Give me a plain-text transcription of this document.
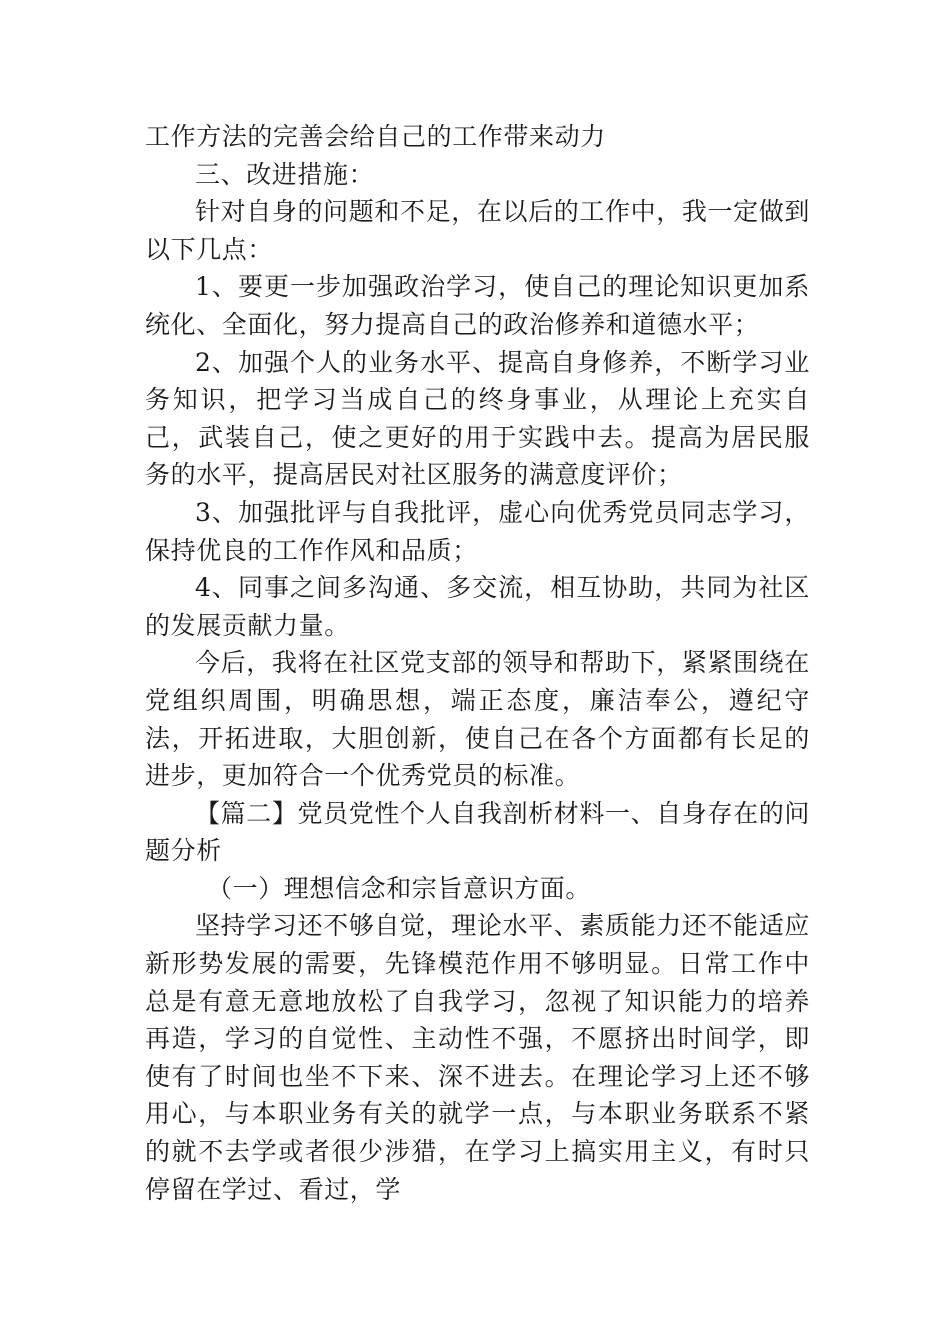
工作方法的完善会给自己的工作带来动力

三、改进措施：

针对自身的问题和不足，在以后的工作中，我一定做到以下几点：

1、要更一步加强政治学习，使自己的理论知识更加系统化、全面化，努力提高自己的政治修养和道德水平；

2、加强个人的业务水平、提高自身修养，不断学习业务知识，把学习当成自己的终身事业，从理论上充实自己，武装自己，使之更好的用于实践中去。提高为居民服务的水平，提高居民对社区服务的满意度评价；

3、加强批评与自我批评，虚心向优秀党员同志学习，保持优良的工作作风和品质；

4、同事之间多沟通、多交流，相互协助，共同为社区的发展贡献力量。

今后，我将在社区党支部的领导和帮助下，紧紧围绕在党组织周围，明确思想，端正态度，廉洁奉公，遵纪守法，开拓进取，大胆创新，使自己在各个方面都有长足的进步，更加符合一个优秀党员的标准。

【篇二】党员党性个人自我剖析材料一、自身存在的问题分析

（一）理想信念和宗旨意识方面。

坚持学习还不够自觉，理论水平、素质能力还不能适应新形势发展的需要，先锋模范作用不够明显。日常工作中总是有意无意地放松了自我学习，忽视了知识能力的培养再造，学习的自觉性、主动性不强，不愿挤出时间学，即使有了时间也坐不下来、深不进去。在理论学习上还不够用心，与本职业务有关的就学一点，与本职业务联系不紧的就不去学或者很少涉猎，在学习上搞实用主义，有时只停留在学过、看过，学
